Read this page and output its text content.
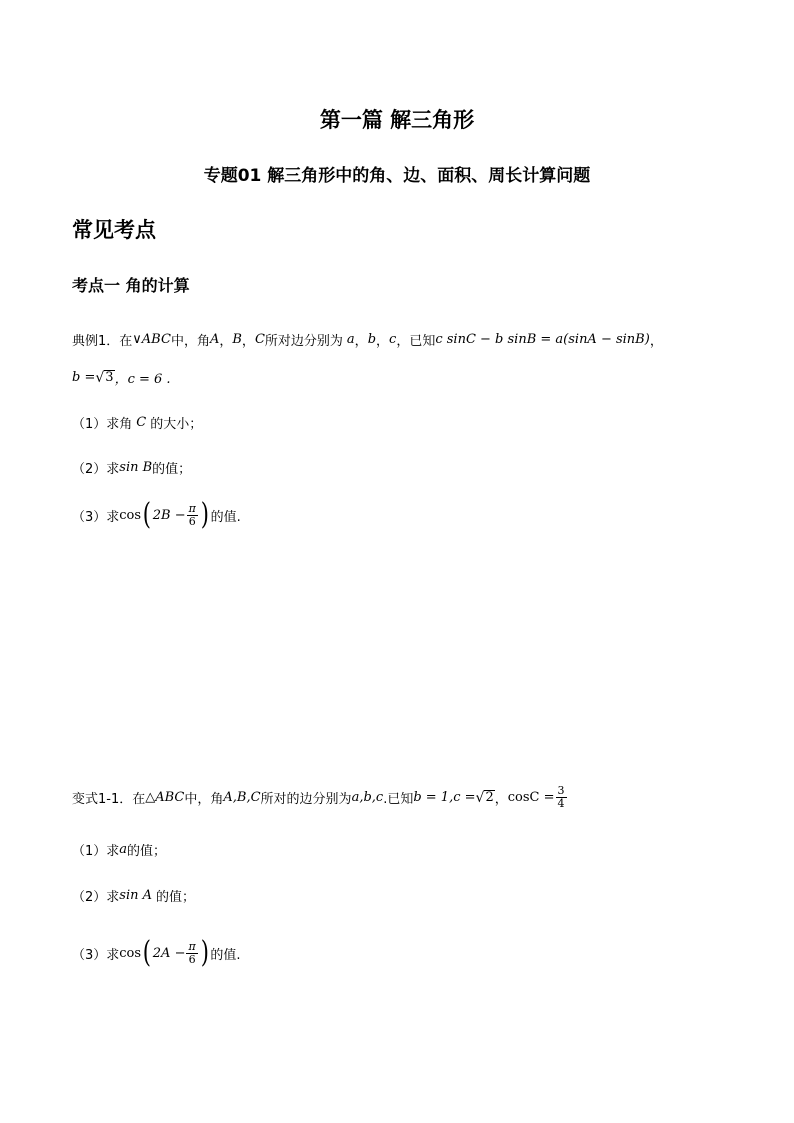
第一篇 解三角形
专题01 解三角形中的角、边、面积、周长计算问题
常见考点
考点一 角的计算
典例1．在 ∨ABC 中，角 A ， B ， C 所对边分别为 a ， b ， c ，已知 c sinC − b sinB = a(sinA − sinB) ，
b = √ 3 ，c = 6 .
（1）求角 C 的大小；
（2）求 sin B 的值；
（3）求 cos ( $2B - \frac{\pi}{6}$ ) 的值.
变式1-1．在 △ABC 中，角 A,B,C 所对的边分别为 a,b,c .已知 b = 1,c = √ 2 ， $\cos C = \frac{3}{4}$
（1）求 a 的值；
（2）求 sin A 的值；
（3）求 cos ( $2A - \frac{\pi}{6}$ ) 的值.
